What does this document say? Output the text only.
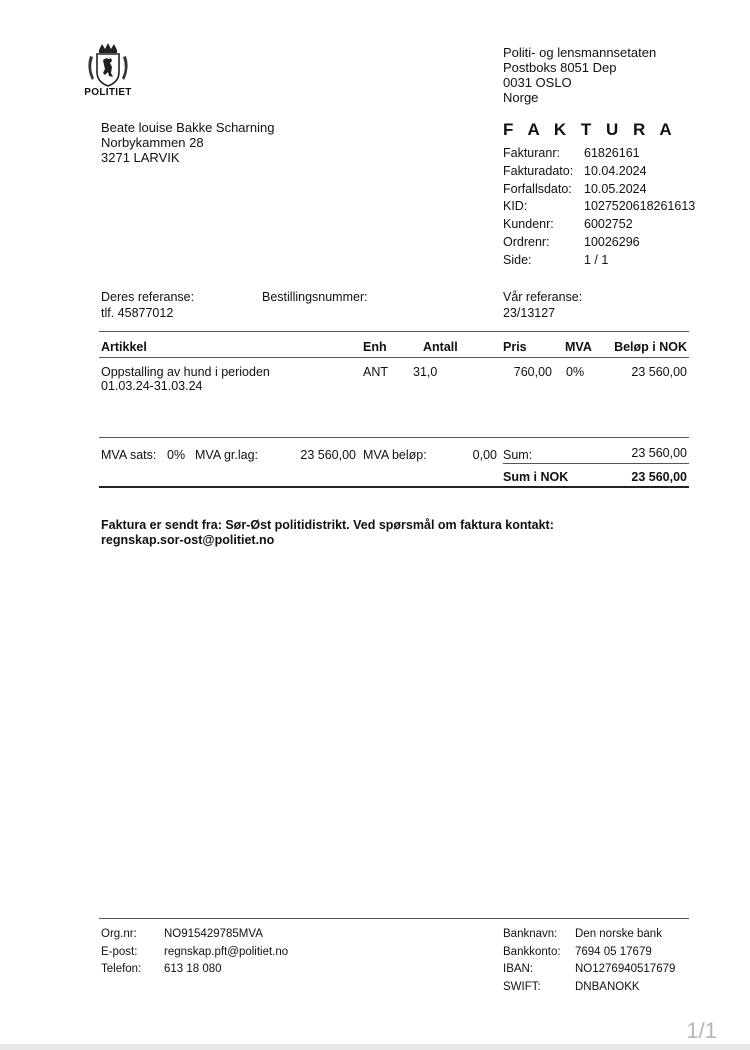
POLITIET
Politi- og lensmannsetaten
Postboks 8051 Dep
0031 OSLO
Norge
Beate louise Bakke Scharning
Norbykammen 28
3271 LARVIK
F A K T U R A
Fakturanr:	61826161
Fakturadato: 10.04.2024
Forfallsdato: 10.05.2024
KID:	1027520618261613
Kundenr:	6002752
Ordrenr:	10026296
Side:	1 / 1
Deres referanse:
tlf. 45877012
Bestillingsnummer:	Vår referanse:
23/13127
Artikkel	Enh	Antall	Pris	MVA	Beløp i NOK
Oppstalling av hund i perioden
01.03.24-31.03.24
ANT 31,0	760,00 0%	23 560,00
MVA sats: 0% MVA gr.lag:	23 560,00 MVA beløp:	0,00 Sum:	23 560,00
Sum i NOK	23 560,00
Faktura er sendt fra: Sør-Øst politidistrikt. Ved spørsmål om faktura kontakt:
regnskap.sor-ost@politiet.no
Org.nr: NO915429785MVA
E-post: regnskap.pft@politiet.no
Telefon: 613 18 080
Banknavn: Den norske bank
Bankkonto: 7694 05 17679
IBAN:	NO1276940517679
SWIFT:	DNBANOKK
1/1
